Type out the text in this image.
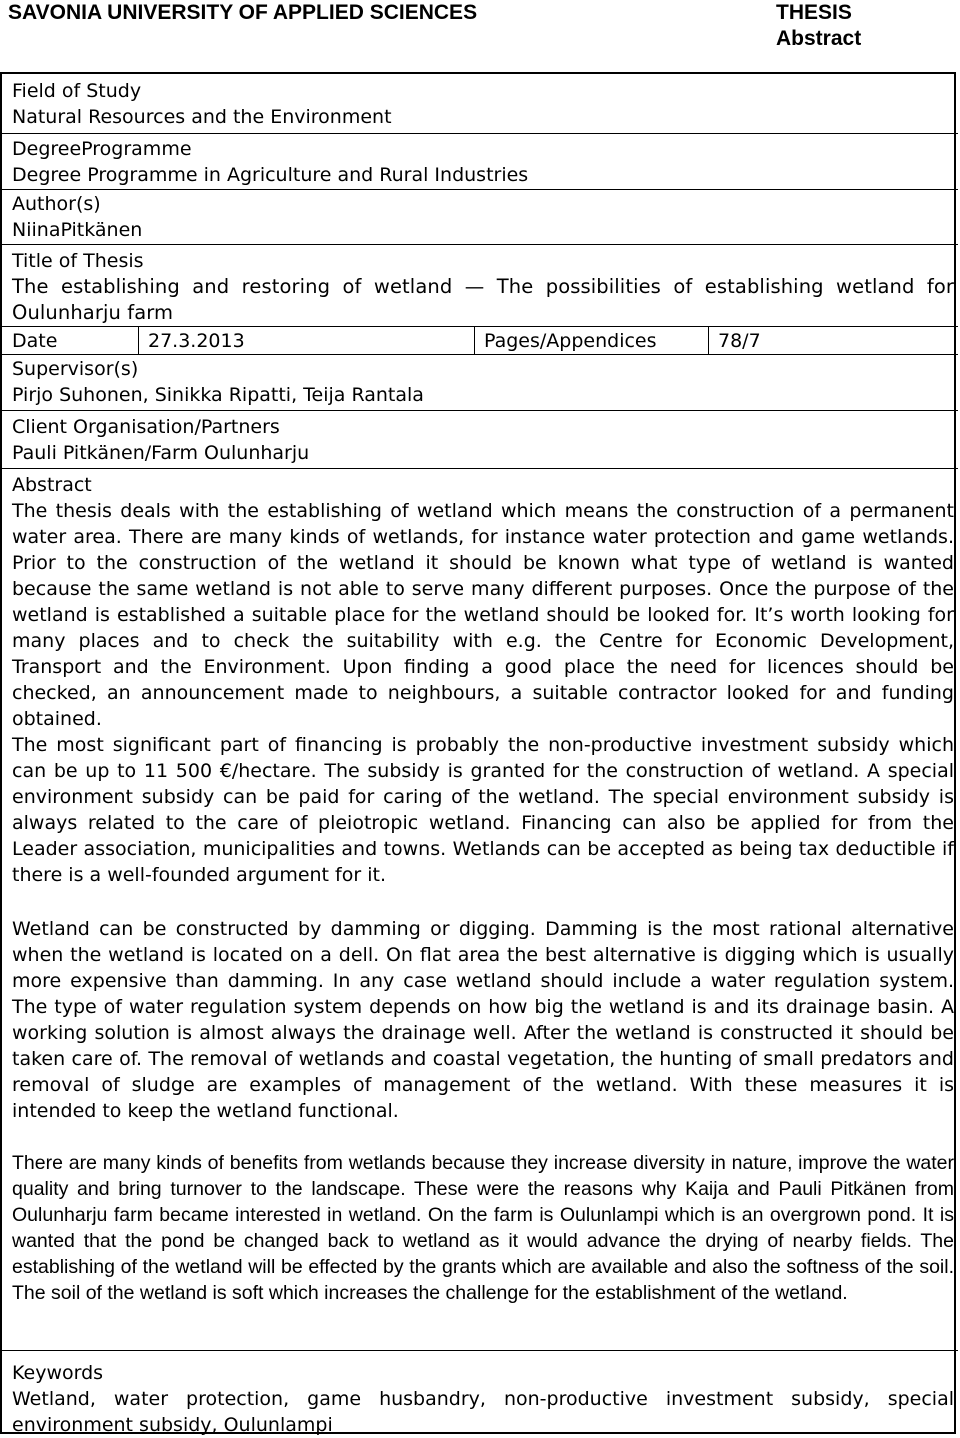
SAVONIA UNIVERSITY OF APPLIED SCIENCES	THESIS
Abstract
Field of Study
Natural Resources and the Environment
DegreeProgramme
Degree Programme in Agriculture and Rural Industries
Author(s)
NiinaPitkänen
Title of Thesis
The establishing and restoring of wetland — The possibilities of establishing wetland for Oulunharju farm
Date	27.3.2013	Pages/Appendices	78/7
Supervisor(s)
Pirjo Suhonen, Sinikka Ripatti, Teija Rantala
Client Organisation/Partners
Pauli Pitkänen/Farm Oulunharju
Abstract
The thesis deals with the establishing of wetland which means the construction of a permanent water area. There are many kinds of wetlands, for instance water protection and game wetlands. Prior to the construction of the wetland it should be known what type of wetland is wanted because the same wetland is not able to serve many different purposes. Once the purpose of the wetland is established a suitable place for the wetland should be looked for. It’s worth looking for many places and to check the suitability with e.g. the Centre for Economic Development, Transport and the Environment. Upon finding a good place the need for licences should be checked, an announcement made to neighbours, a suitable contractor looked for and funding obtained.
The most significant part of financing is probably the non-productive investment subsidy which can be up to 11 500 €/hectare. The subsidy is granted for the construction of wetland. A special environment subsidy can be paid for caring of the wetland. The special environment subsidy is always related to the care of pleiotropic wetland. Financing can also be applied for from the Leader association, municipalities and towns. Wetlands can be accepted as being tax deductible if there is a well-founded argument for it.
Wetland can be constructed by damming or digging. Damming is the most rational alternative when the wetland is located on a dell. On flat area the best alternative is digging which is usually more expensive than damming. In any case wetland should include a water regulation system. The type of water regulation system depends on how big the wetland is and its drainage basin. A working solution is almost always the drainage well. After the wetland is constructed it should be taken care of. The removal of wetlands and coastal vegetation, the hunting of small predators and removal of sludge are examples of management of the wetland. With these measures it is intended to keep the wetland functional.
There are many kinds of benefits from wetlands because they increase diversity in nature, improve the water quality and bring turnover to the landscape. These were the reasons why Kaija and Pauli Pitkänen from Oulunharju farm became interested in wetland. On the farm is Oulunlampi which is an overgrown pond. It is wanted that the pond be changed back to wetland as it would advance the drying of nearby fields. The establishing of the wetland will be effected by the grants which are available and also the softness of the soil. The soil of the wetland is soft which increases the challenge for the establishment of the wetland.
Keywords
Wetland, water protection, game husbandry, non-productive investment subsidy, special environment subsidy, Oulunlampi
